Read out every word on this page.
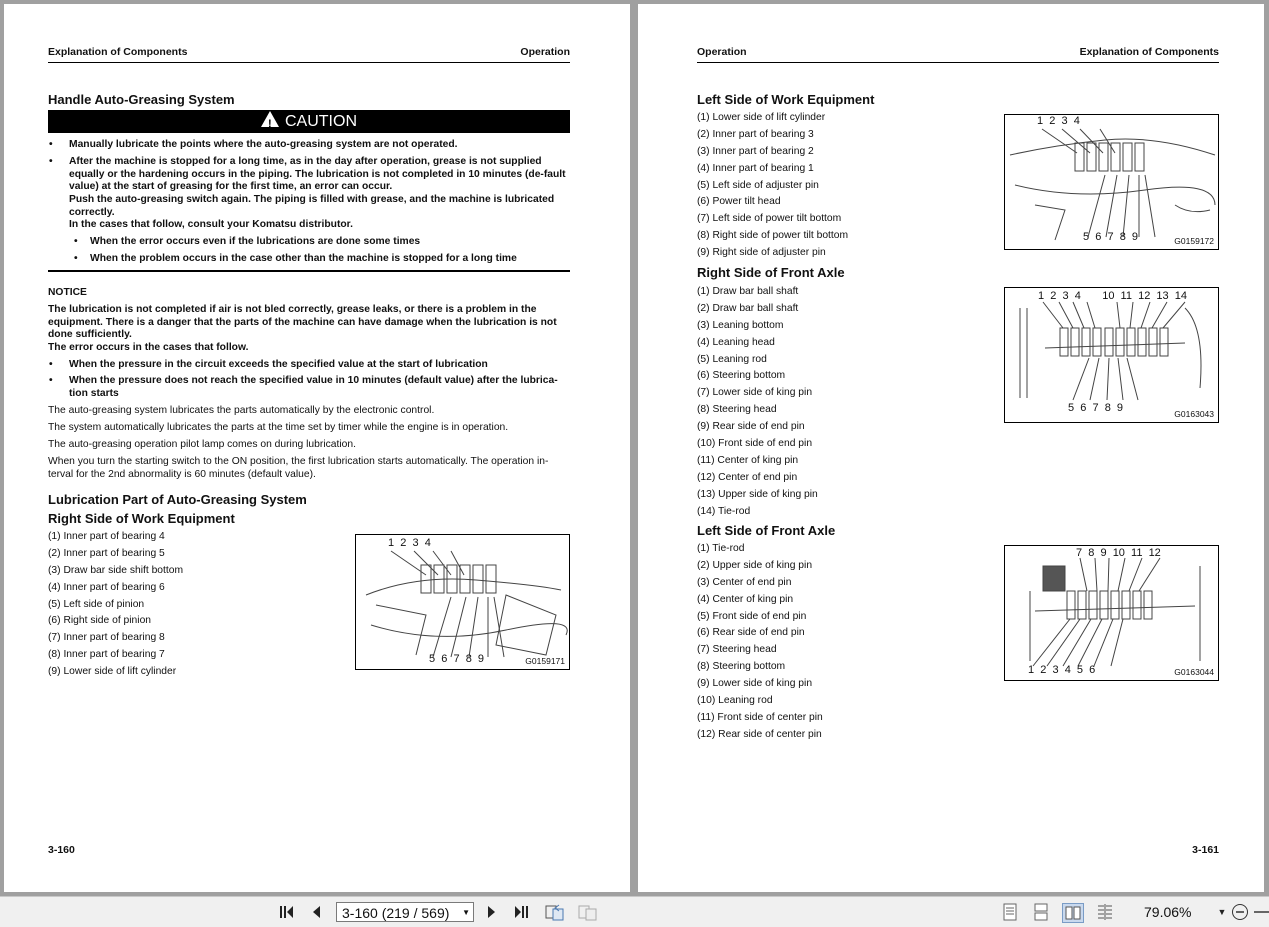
Explanation of Components	Operation
Handle Auto-Greasing System
! CAUTION
• Manually lubricate the points where the auto-greasing system are not operated.
• After the machine is stopped for a long time, as in the day after operation, grease is not supplied equally or the hardening occurs in the piping. The lubrication is not completed in 10 minutes (de-fault value) at the start of greasing for the first time, an error can occur.
Push the auto-greasing switch again. The piping is filled with grease, and the machine is lubricated correctly.
In the cases that follow, consult your Komatsu distributor.
• When the error occurs even if the lubrications are done some times
• When the problem occurs in the case other than the machine is stopped for a long time
NOTICE
The lubrication is not completed if air is not bled correctly, grease leaks, or there is a problem in the equipment. There is a danger that the parts of the machine can have damage when the lubrication is not done sufficiently.
The error occurs in the cases that follow.
• When the pressure in the circuit exceeds the specified value at the start of lubrication
• When the pressure does not reach the specified value in 10 minutes (default value) after the lubrica-tion starts
The auto-greasing system lubricates the parts automatically by the electronic control.
The system automatically lubricates the parts at the time set by timer while the engine is in operation.
The auto-greasing operation pilot lamp comes on during lubrication.
When you turn the starting switch to the ON position, the first lubrication starts automatically. The operation in-terval for the 2nd abnormality is 60 minutes (default value).
Lubrication Part of Auto-Greasing System
Right Side of Work Equipment
(1) Inner part of bearing 4
(2) Inner part of bearing 5
(3) Draw bar side shift bottom
(4) Inner part of bearing 6
(5) Left side of pinion
(6) Right side of pinion
(7) Inner part of bearing 8
(8) Inner part of bearing 7
(9) Lower side of lift cylinder
1  2  3  4
5  6  7  8  9	G0159171
3-160
Operation	Explanation of Components
Left Side of Work Equipment
(1) Lower side of lift cylinder
(2) Inner part of bearing 3
(3) Inner part of bearing 2
(4) Inner part of bearing 1
(5) Left side of adjuster pin
(6) Power tilt head
(7) Left side of power tilt bottom
(8) Right side of power tilt bottom
(9) Right side of adjuster pin
1  2  3  4
5  6  7  8  9	G0159172
Right Side of Front Axle
(1) Draw bar ball shaft
(2) Draw bar ball shaft
(3) Leaning bottom
(4) Leaning head
(5) Leaning rod
(6) Steering bottom
(7) Lower side of king pin
(8) Steering head
(9) Rear side of end pin
(10) Front side of end pin
(11) Center of king pin
(12) Center of end pin
(13) Upper side of king pin
(14) Tie-rod
1  2  3  4       10  11  12  13  14
5  6  7  8  9	G0163043
Left Side of Front Axle
(1) Tie-rod
(2) Upper side of king pin
(3) Center of end pin
(4) Center of king pin
(5) Front side of end pin
(6) Rear side of end pin
(7) Steering head
(8) Steering bottom
(9) Lower side of king pin
(10) Leaning rod
(11) Front side of center pin
(12) Rear side of center pin
7  8  9  10  11  12
1  2  3  4  5  6	G0163044
3-161
3-160 (219 / 569) ▼	79.06%	▼
